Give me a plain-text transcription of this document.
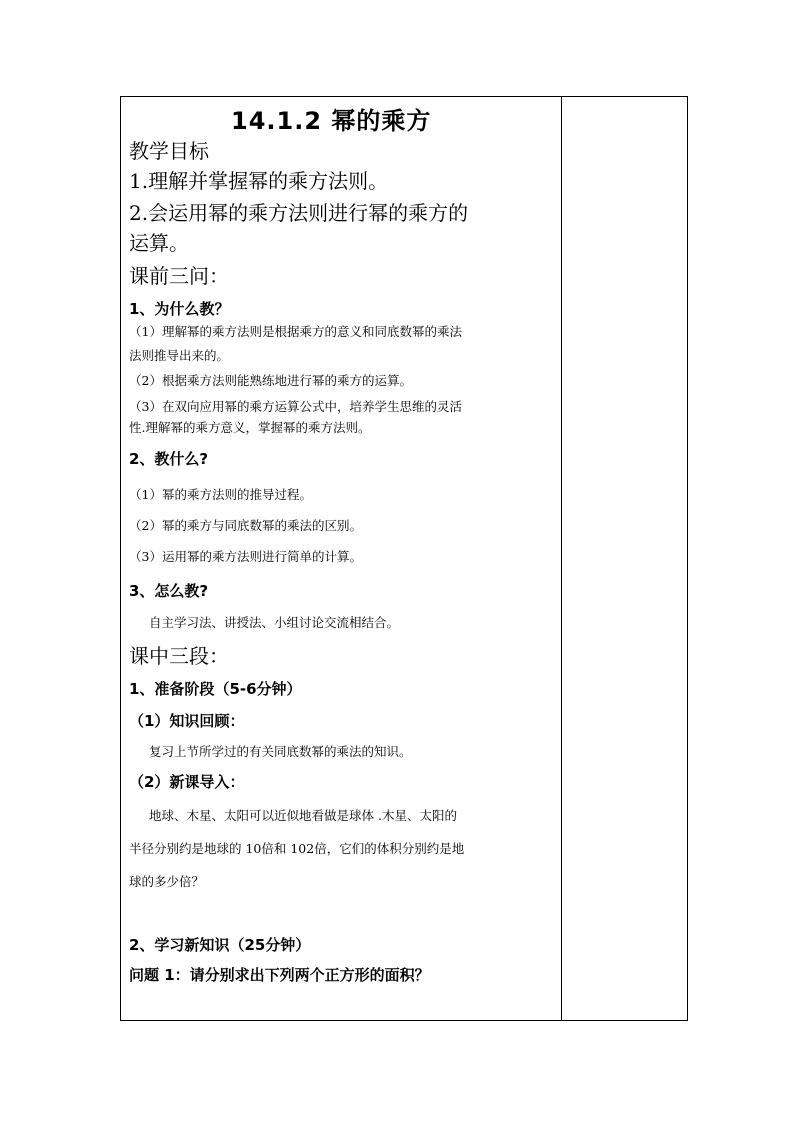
14.1.2 幂的乘方
教学目标
1.理解并掌握幂的乘方法则。
2.会运用幂的乘方法则进行幂的乘方的
运算。
课前三问：
1、为什么教？
（1）理解幂的乘方法则是根据乘方的意义和同底数幂的乘法
法则推导出来的。
（2）根据乘方法则能熟练地进行幂的乘方的运算。
（3）在双向应用幂的乘方运算公式中，培养学生思维的灵活
性.理解幂的乘方意义，掌握幂的乘方法则。
2、教什么?
（1）幂的乘方法则的推导过程。
（2）幂的乘方与同底数幂的乘法的区别。
（3）运用幂的乘方法则进行简单的计算。
3、怎么教?
自主学习法、讲授法、小组讨论交流相结合。
课中三段：
1、准备阶段（5-6分钟）
（1）知识回顾：
复习上节所学过的有关同底数幂的乘法的知识。
（2）新课导入：
地球、木星、太阳可以近似地看做是球体 .木星、太阳的
半径分别约是地球的 10倍和 102倍，它们的体积分别约是地
球的多少倍？
2、学习新知识（25分钟）
问题 1：请分别求出下列两个正方形的面积？
